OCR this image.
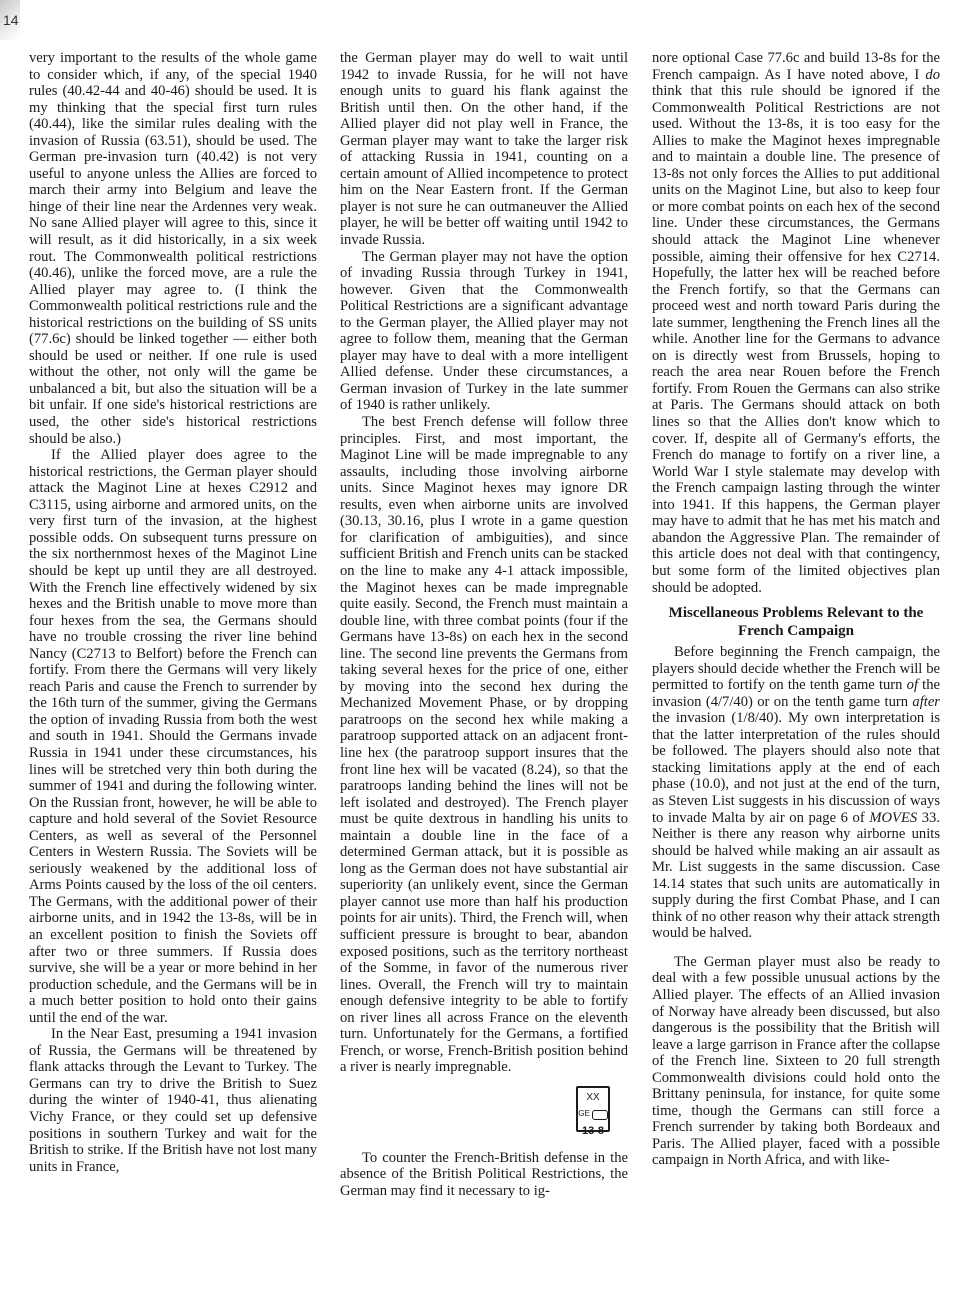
14

very important to the results of the whole game to consider which, if any, of the special 1940 rules (40.42-44 and 40-46) should be used. It is my thinking that the special first turn rules (40.44), like the similar rules dealing with the invasion of Russia (63.51), should be used. The German pre-invasion turn (40.42) is not very useful to anyone unless the Allies are forced to march their army into Belgium and leave the hinge of their line near the Ardennes very weak. No sane Allied player will agree to this, since it will result, as it did historically, in a six week rout. The Commonwealth political restrictions (40.46), unlike the forced move, are a rule the Allied player may agree to. (I think the Commonwealth political restrictions rule and the historical restrictions on the building of SS units (77.6c) should be linked together — either both should be used or neither. If one rule is used without the other, not only will the game be unbalanced a bit, but also the situation will be a bit unfair. If one side's historical restrictions are used, the other side's historical restrictions should be also.)

If the Allied player does agree to the historical restrictions, the German player should attack the Maginot Line at hexes C2912 and C3115, using airborne and armored units, on the very first turn of the invasion, at the highest possible odds. On subsequent turns pressure on the six northernmost hexes of the Maginot Line should be kept up until they are all destroyed. With the French line effectively widened by six hexes and the British unable to move more than four hexes from the sea, the Germans should have no trouble crossing the river line behind Nancy (C2713 to Belfort) before the French can fortify. From there the Germans will very likely reach Paris and cause the French to surrender by the 16th turn of the summer, giving the Germans the option of invading Russia from both the west and south in 1941. Should the Germans invade Russia in 1941 under these circumstances, his lines will be stretched very thin both during the summer of 1941 and during the following winter. On the Russian front, however, he will be able to capture and hold several of the Soviet Resource Centers, as well as several of the Personnel Centers in Western Russia. The Soviets will be seriously weakened by the additional loss of Arms Points caused by the loss of the oil centers. The Germans, with the additional power of their airborne units, and in 1942 the 13-8s, will be in an excellent position to finish the Soviets off after two or three summers. If Russia does survive, she will be a year or more behind in her production schedule, and the Germans will be in a much better position to hold onto their gains until the end of the war.

In the Near East, presuming a 1941 invasion of Russia, the Germans will be threatened by flank attacks through the Levant to Turkey. The Germans can try to drive the British to Suez during the winter of 1940-41, thus alienating Vichy France, or they could set up defensive positions in southern Turkey and wait for the British to strike. If the British have not lost many units in France,

the German player may do well to wait until 1942 to invade Russia, for he will not have enough units to guard his flank against the British until then. On the other hand, if the Allied player did not play well in France, the German player may want to take the larger risk of attacking Russia in 1941, counting on a certain amount of Allied incompetence to protect him on the Near Eastern front. If the German player is not sure he can outmaneuver the Allied player, he will be better off waiting until 1942 to invade Russia.

The German player may not have the option of invading Russia through Turkey in 1941, however. Given that the Commonwealth Political Restrictions are a significant advantage to the German player, the Allied player may not agree to follow them, meaning that the German player may have to deal with a more intelligent Allied defense. Under these circumstances, a German invasion of Turkey in the late summer of 1940 is rather unlikely.

The best French defense will follow three principles. First, and most important, the Maginot Line will be made impregnable to any assaults, including those involving airborne units. Since Maginot hexes may ignore DR results, even when airborne units are involved (30.13, 30.16, plus I wrote in a game question for clarification of ambiguities), and since sufficient British and French units can be stacked on the line to make any 4-1 attack impossible, the Maginot hexes can be made impregnable quite easily. Second, the French must maintain a double line, with three combat points (four if the Germans have 13-8s) on each hex in the second line. The second line prevents the Germans from taking several hexes for the price of one, either by moving into the second hex during the Mechanized Movement Phase, or by dropping paratroops on the second hex while making a paratroop supported attack on an adjacent front-line hex (the paratroop support insures that the front line hex will be vacated (8.24), so that the paratroops landing behind the lines will not be left isolated and destroyed). The French player must be quite dextrous in handling his units to maintain a double line in the face of a determined German attack, but it is possible as long as the German does not have substantial air superiority (an unlikely event, since the German player cannot use more than half his production points for air units). Third, the French will, when sufficient pressure is brought to bear, abandon exposed positions, such as the territory northeast of the Somme, in favor of the numerous river lines. Overall, the French will try to maintain enough defensive integrity to be able to fortify on river lines all across France on the eleventh turn. Unfortunately for the Germans, a fortified French, or worse, French-British position behind a river is nearly impregnable.

XX
GE
13-8

To counter the French-British defense in the absence of the British Political Restrictions, the German may find it necessary to ig-

nore optional Case 77.6c and build 13-8s for the French campaign. As I have noted above, I do think that this rule should be ignored if the Commonwealth Political Restrictions are not used. Without the 13-8s, it is too easy for the Allies to make the Maginot hexes impregnable and to maintain a double line. The presence of 13-8s not only forces the Allies to put additional units on the Maginot Line, but also to keep four or more combat points on each hex of the second line. Under these circumstances, the Germans should attack the Maginot Line whenever possible, aiming their offensive for hex C2714. Hopefully, the latter hex will be reached before the French fortify, so that the Germans can proceed west and north toward Paris during the late summer, lengthening the French lines all the while. Another line for the Germans to advance on is directly west from Brussels, hoping to reach the area near Rouen before the French fortify. From Rouen the Germans can also strike at Paris. The Germans should attack on both lines so that the Allies don't know which to cover. If, despite all of Germany's efforts, the French do manage to fortify on a river line, a World War I style stalemate may develop with the French campaign lasting through the winter into 1941. If this happens, the German player may have to admit that he has met his match and abandon the Aggressive Plan. The remainder of this article does not deal with that contingency, but some form of the limited objectives plan should be adopted.

Miscellaneous Problems Relevant to the French Campaign

Before beginning the French campaign, the players should decide whether the French will be permitted to fortify on the tenth game turn of the invasion (4/7/40) or on the tenth game turn after the invasion (1/8/40). My own interpretation is that the latter interpretation of the rules should be followed. The players should also note that stacking limitations apply at the end of each phase (10.0), and not just at the end of the turn, as Steven List suggests in his discussion of ways to invade Malta by air on page 6 of MOVES 33. Neither is there any reason why airborne units should be halved while making an air assault as Mr. List suggests in the same discussion. Case 14.14 states that such units are automatically in supply during the first Combat Phase, and I can think of no other reason why their attack strength would be halved.

The German player must also be ready to deal with a few possible unusual actions by the Allied player. The effects of an Allied invasion of Norway have already been discussed, but also dangerous is the possibility that the British will leave a large garrison in France after the collapse of the French line. Sixteen to 20 full strength Commonwealth divisions could hold onto the Brittany peninsula, for instance, for quite some time, though the Germans can still force a French surrender by taking both Bordeaux and Paris. The Allied player, faced with a possible campaign in North Africa, and with like-
